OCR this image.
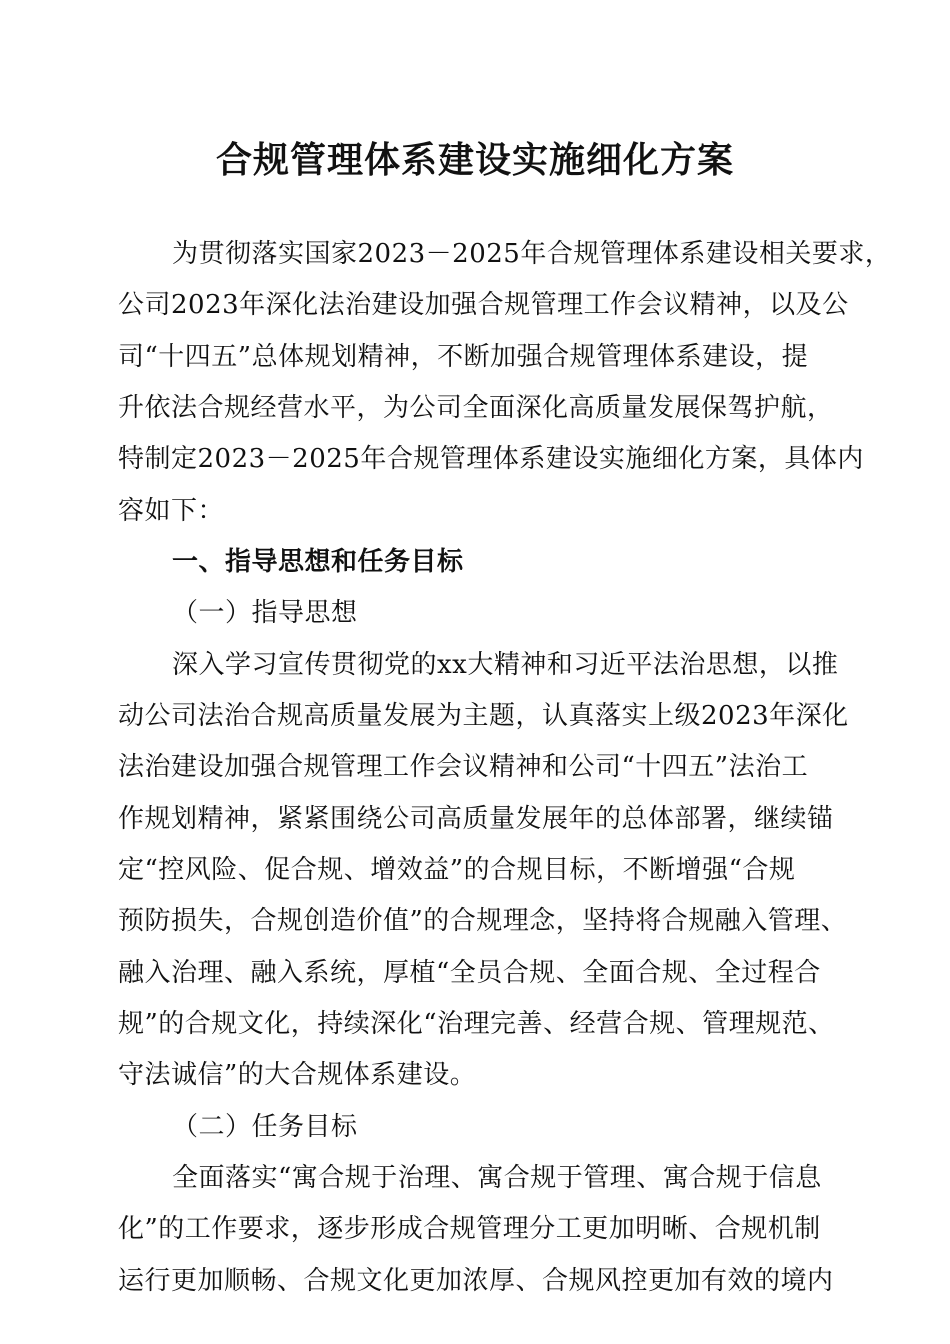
合规管理体系建设实施细化方案
为贯彻落实国家2023－2025年合规管理体系建设相关要求，
公司2023年深化法治建设加强合规管理工作会议精神，以及公
司“十四五”总体规划精神，不断加强合规管理体系建设，提
升依法合规经营水平，为公司全面深化高质量发展保驾护航，
特制定2023－2025年合规管理体系建设实施细化方案，具体内
容如下：
一、指导思想和任务目标
（一）指导思想
深入学习宣传贯彻党的xx大精神和习近平法治思想，以推
动公司法治合规高质量发展为主题，认真落实上级2023年深化
法治建设加强合规管理工作会议精神和公司“十四五”法治工
作规划精神，紧紧围绕公司高质量发展年的总体部署，继续锚
定“控风险、促合规、增效益”的合规目标，不断增强“合规
预防损失，合规创造价值”的合规理念，坚持将合规融入管理、
融入治理、融入系统，厚植“全员合规、全面合规、全过程合
规”的合规文化，持续深化“治理完善、经营合规、管理规范、
守法诚信”的大合规体系建设。
（二）任务目标
全面落实“寓合规于治理、寓合规于管理、寓合规于信息
化”的工作要求，逐步形成合规管理分工更加明晰、合规机制
运行更加顺畅、合规文化更加浓厚、合规风控更加有效的境内
